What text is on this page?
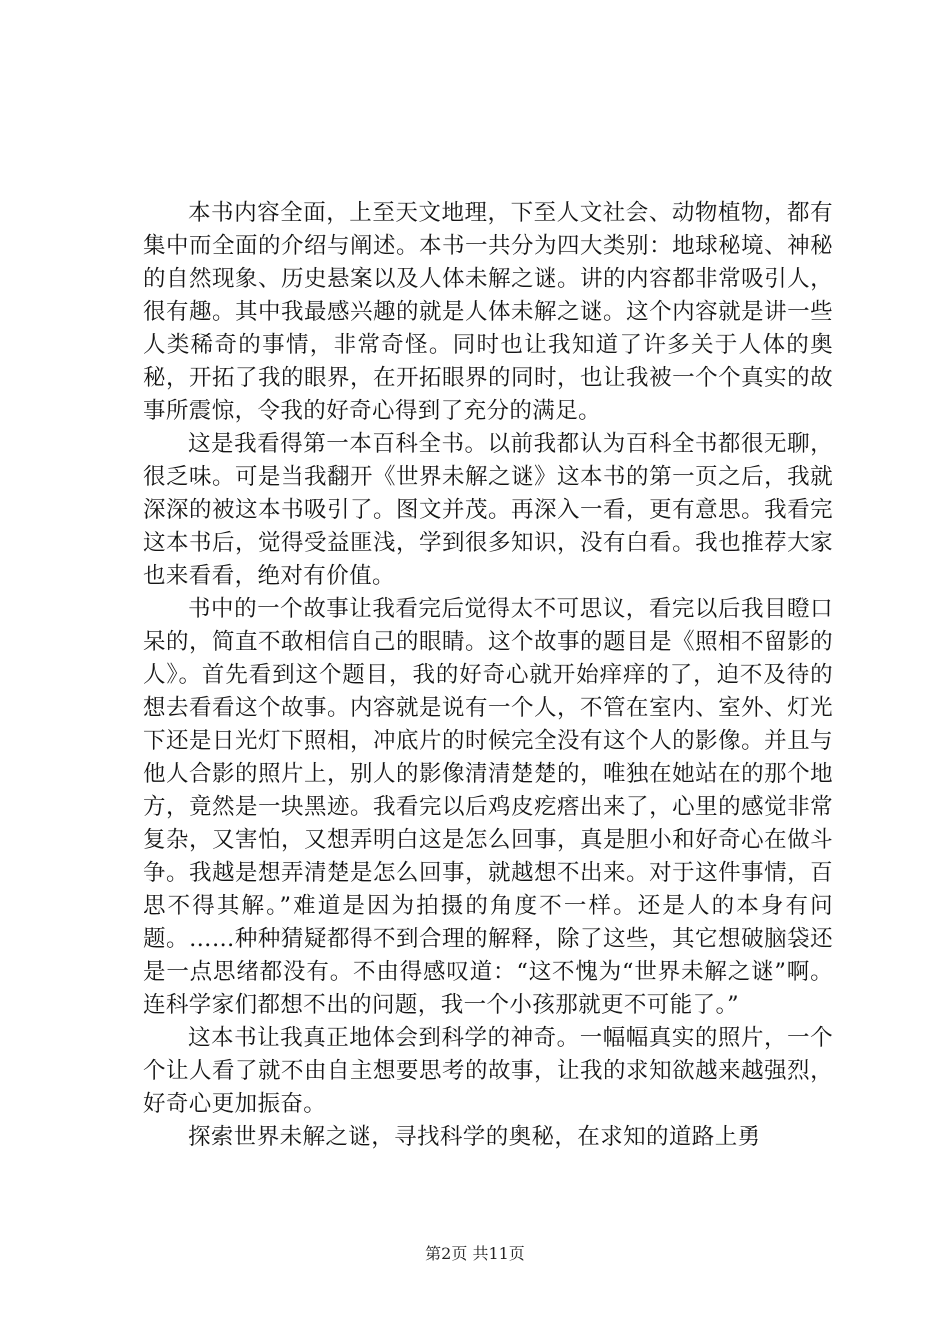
本书内容全面，上至天文地理，下至人文社会、动物植物，都有集中而全面的介绍与阐述。本书一共分为四大类别：地球秘境、神秘的自然现象、历史悬案以及人体未解之谜。讲的内容都非常吸引人，很有趣。其中我最感兴趣的就是人体未解之谜。这个内容就是讲一些人类稀奇的事情，非常奇怪。同时也让我知道了许多关于人体的奥秘，开拓了我的眼界，在开拓眼界的同时，也让我被一个个真实的故事所震惊，令我的好奇心得到了充分的满足。

这是我看得第一本百科全书。以前我都认为百科全书都很无聊，很乏味。可是当我翻开《世界未解之谜》这本书的第一页之后，我就深深的被这本书吸引了。图文并茂。再深入一看，更有意思。我看完这本书后，觉得受益匪浅，学到很多知识，没有白看。我也推荐大家也来看看，绝对有价值。

书中的一个故事让我看完后觉得太不可思议，看完以后我目瞪口呆的，简直不敢相信自己的眼睛。这个故事的题目是《照相不留影的人》。首先看到这个题目，我的好奇心就开始痒痒的了，迫不及待的想去看看这个故事。内容就是说有一个人，不管在室内、室外、灯光下还是日光灯下照相，冲底片的时候完全没有这个人的影像。并且与他人合影的照片上，别人的影像清清楚楚的，唯独在她站在的那个地方，竟然是一块黑迹。我看完以后鸡皮疙瘩出来了，心里的感觉非常复杂，又害怕，又想弄明白这是怎么回事，真是胆小和好奇心在做斗争。我越是想弄清楚是怎么回事，就越想不出来。对于这件事情，百思不得其解。”难道是因为拍摄的角度不一样。还是人的本身有问题。……种种猜疑都得不到合理的解释，除了这些，其它想破脑袋还是一点思绪都没有。不由得感叹道：“这不愧为“世界未解之谜”啊。连科学家们都想不出的问题，我一个小孩那就更不可能了。”

这本书让我真正地体会到科学的神奇。一幅幅真实的照片，一个个让人看了就不由自主想要思考的故事，让我的求知欲越来越强烈，好奇心更加振奋。

探索世界未解之谜，寻找科学的奥秘，在求知的道路上勇

第2页 共11页
